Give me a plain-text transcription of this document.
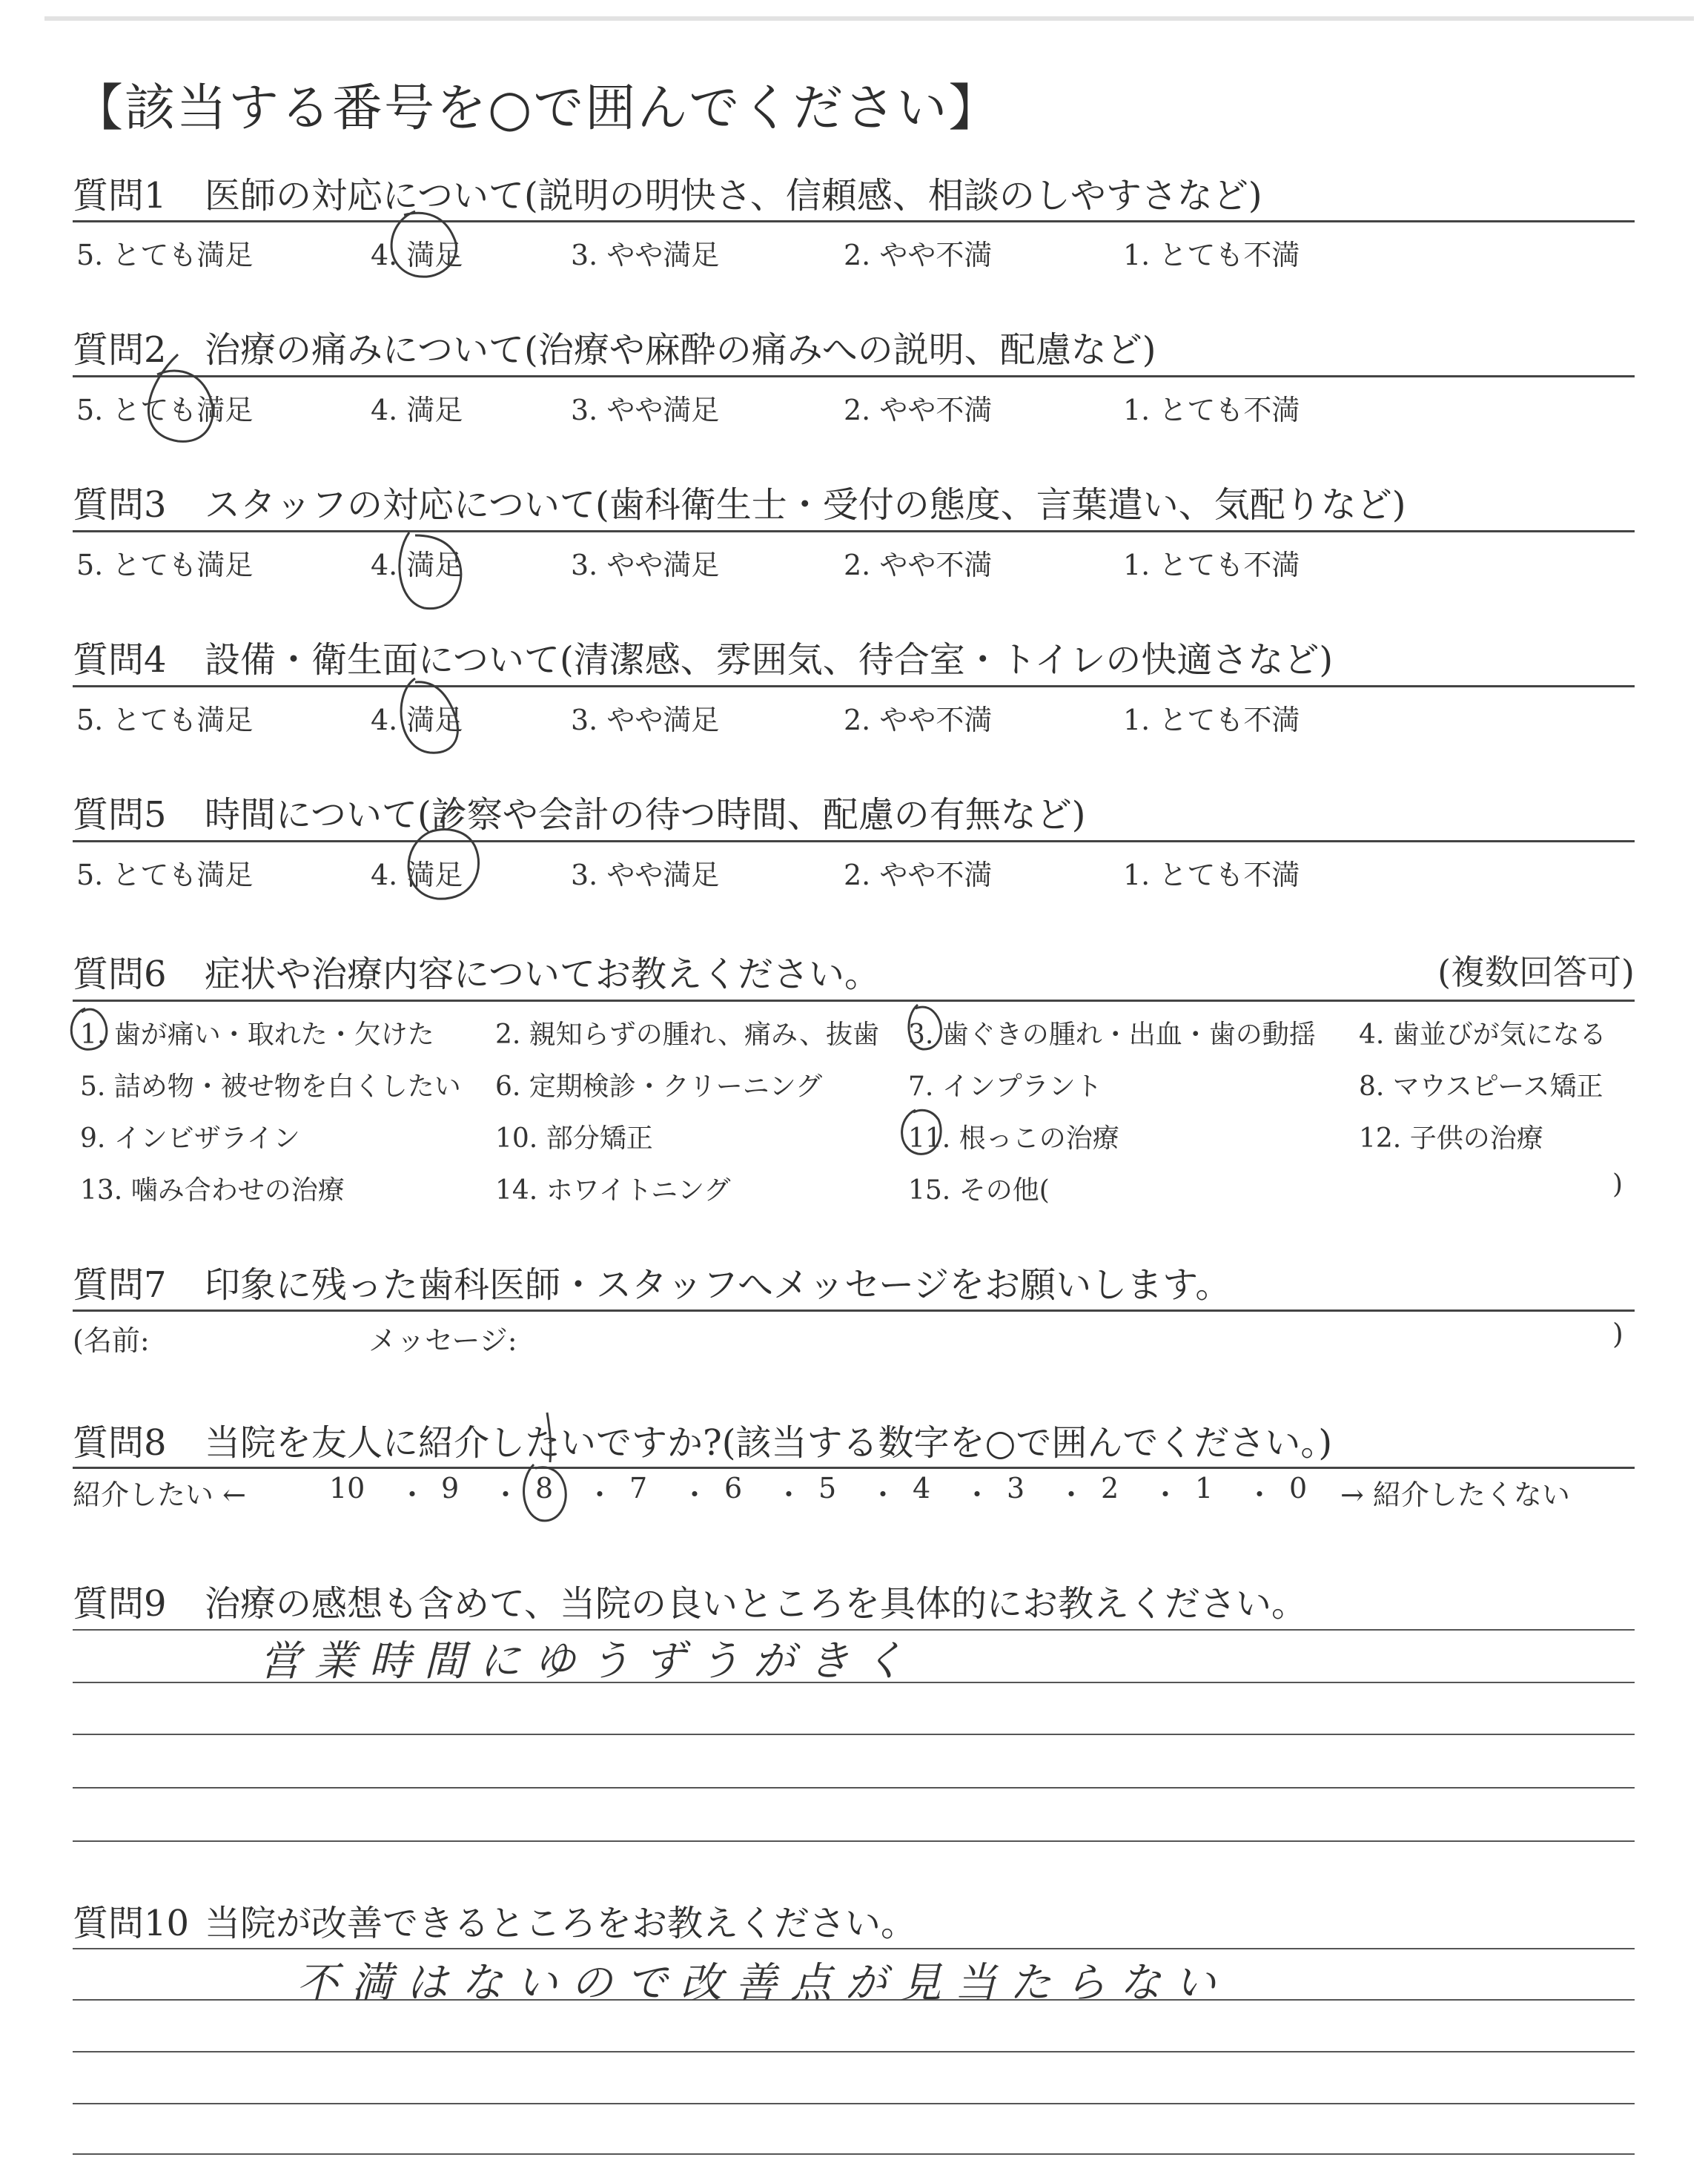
【該当する番号を○で囲んでください】
質問1 医師の対応について(説明の明快さ、信頼感、相談のしやすさなど)
5. とても満足	4. 満足	3. やや満足	2. やや不満	1. とても不満
質問2 治療の痛みについて(治療や麻酔の痛みへの説明、配慮など)
5. とても満足	4. 満足	3. やや満足	2. やや不満	1. とても不満
質問3 スタッフの対応について(歯科衛生士・受付の態度、言葉遣い、気配りなど)
5. とても満足	4. 満足	3. やや満足	2. やや不満	1. とても不満
質問4 設備・衛生面について(清潔感、雰囲気、待合室・トイレの快適さなど)
5. とても満足	4. 満足	3. やや満足	2. やや不満	1. とても不満
質問5 時間について(診察や会計の待つ時間、配慮の有無など)
5. とても満足	4. 満足	3. やや満足	2. やや不満	1. とても不満
質問6 症状や治療内容についてお教えください。	(複数回答可)
1. 歯が痛い・取れた・欠けた 2. 親知らずの腫れ、痛み、抜歯 3. 歯ぐきの腫れ・出血・歯の動揺 4. 歯並びが気になる
5. 詰め物・被せ物を白くしたい 6. 定期検診・クリーニング	7. インプラント	8. マウスピース矯正
9. インビザライン	10. 部分矯正	11. 根っこの治療	12. 子供の治療
13. 噛み合わせの治療	14. ホワイトニング	15. その他(	)
質問7 印象に残った歯科医師・スタッフへメッセージをお願いします。
(名前:	メッセージ:	)
質問8 当院を友人に紹介したいですか?(該当する数字を○で囲んでください。)
紹介したい ←	10 ・ 9 ・ 8 ・ 7 ・ 6 ・ 5 ・ 4 ・ 3 ・ 2 ・ 1 ・ 0 → 紹介したくない
質問9 治療の感想も含めて、当院の良いところを具体的にお教えください。
営業時間にゆうずうがきく
質問10 当院が改善できるところをお教えください。
不満はないので改善点が見当たらない
